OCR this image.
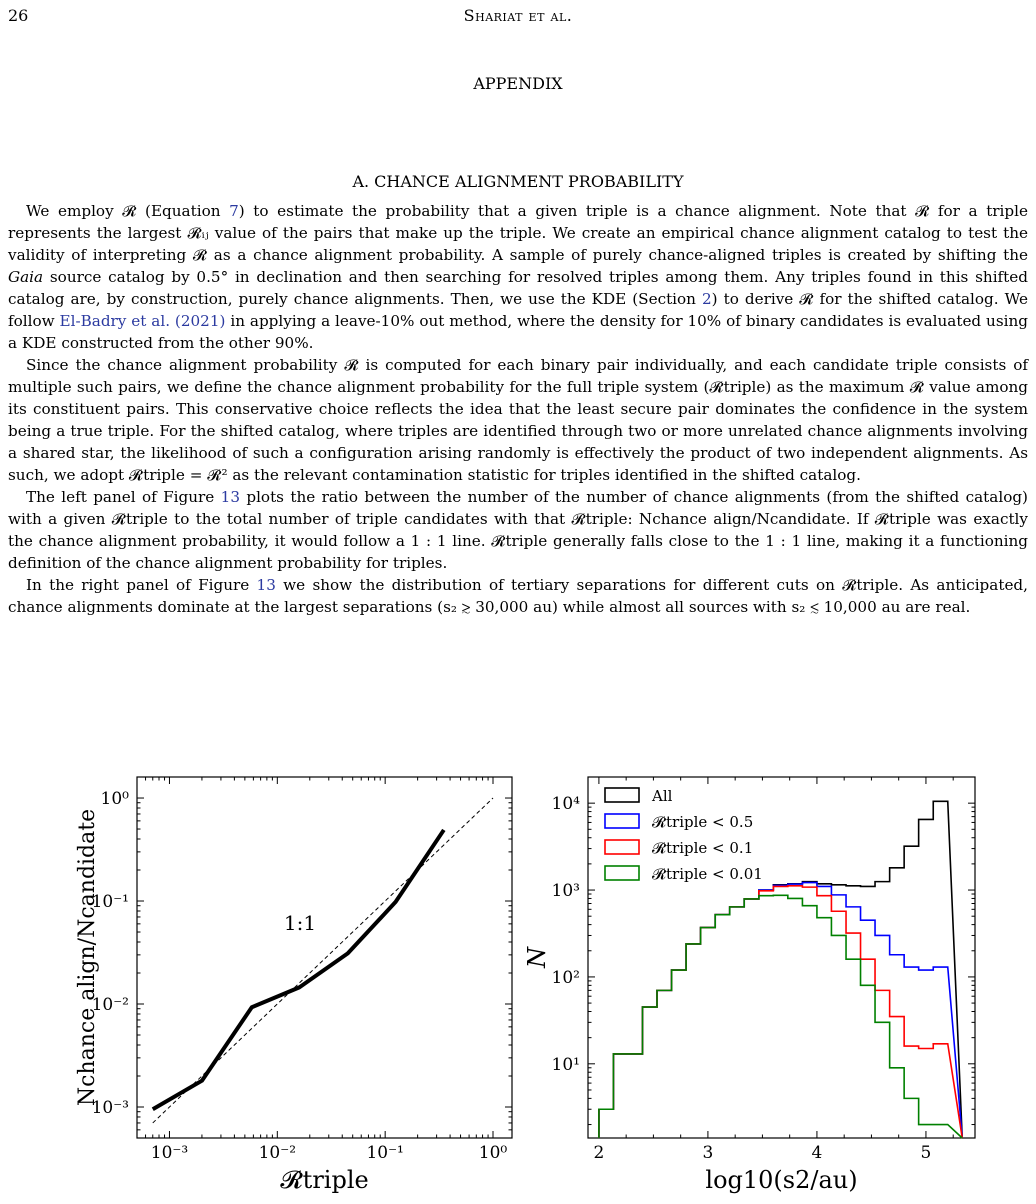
26	Shariat et al.
APPENDIX
A. CHANCE ALIGNMENT PROBABILITY

We employ 𝓡 (Equation 7) to estimate the probability that a given triple is a chance alignment. Note that 𝓡 for a triple represents the largest 𝓡ᵢⱼ value of the pairs that make up the triple. We create an empirical chance alignment catalog to test the validity of interpreting 𝓡 as a chance alignment probability. A sample of purely chance-aligned triples is created by shifting the Gaia source catalog by 0.5° in declination and then searching for resolved triples among them. Any triples found in this shifted catalog are, by construction, purely chance alignments. Then, we use the KDE (Section 2) to derive 𝓡 for the shifted catalog. We follow El-Badry et al. (2021) in applying a leave-10% out method, where the density for 10% of binary candidates is evaluated using a KDE constructed from the other 90%.

Since the chance alignment probability 𝓡 is computed for each binary pair individually, and each candidate triple consists of multiple such pairs, we define the chance alignment probability for the full triple system (𝓡triple) as the maximum 𝓡 value among its constituent pairs. This conservative choice reflects the idea that the least secure pair dominates the confidence in the system being a true triple. For the shifted catalog, where triples are identified through two or more unrelated chance alignments involving a shared star, the likelihood of such a configuration arising randomly is effectively the product of two independent alignments. As such, we adopt 𝓡triple = 𝓡² as the relevant contamination statistic for triples identified in the shifted catalog.

The left panel of Figure 13 plots the ratio between the number of the number of chance alignments (from the shifted catalog) with a given 𝓡triple to the total number of triple candidates with that 𝓡triple: Nchance align/Ncandidate. If 𝓡triple was exactly the chance alignment probability, it would follow a 1 : 1 line. 𝓡triple generally falls close to the 1 : 1 line, making it a functioning definition of the chance alignment probability for triples.

In the right panel of Figure 13 we show the distribution of tertiary separations for different cuts on 𝓡triple. As anticipated, chance alignments dominate at the largest separations (s₂ ≳ 30,000 au) while almost all sources with s₂ ≲ 10,000 au are real.

10⁻³	10⁻²	10⁻¹	10⁰
10⁻³
10⁻²
10⁻¹
10⁰
1:1
𝓡triple
Nchance align/Ncandidate
2	3	4	5
10¹
10²
10³
10⁴	All
𝓡triple < 0.5
𝓡triple < 0.1
𝓡triple < 0.01
log10(s2/au)
N
